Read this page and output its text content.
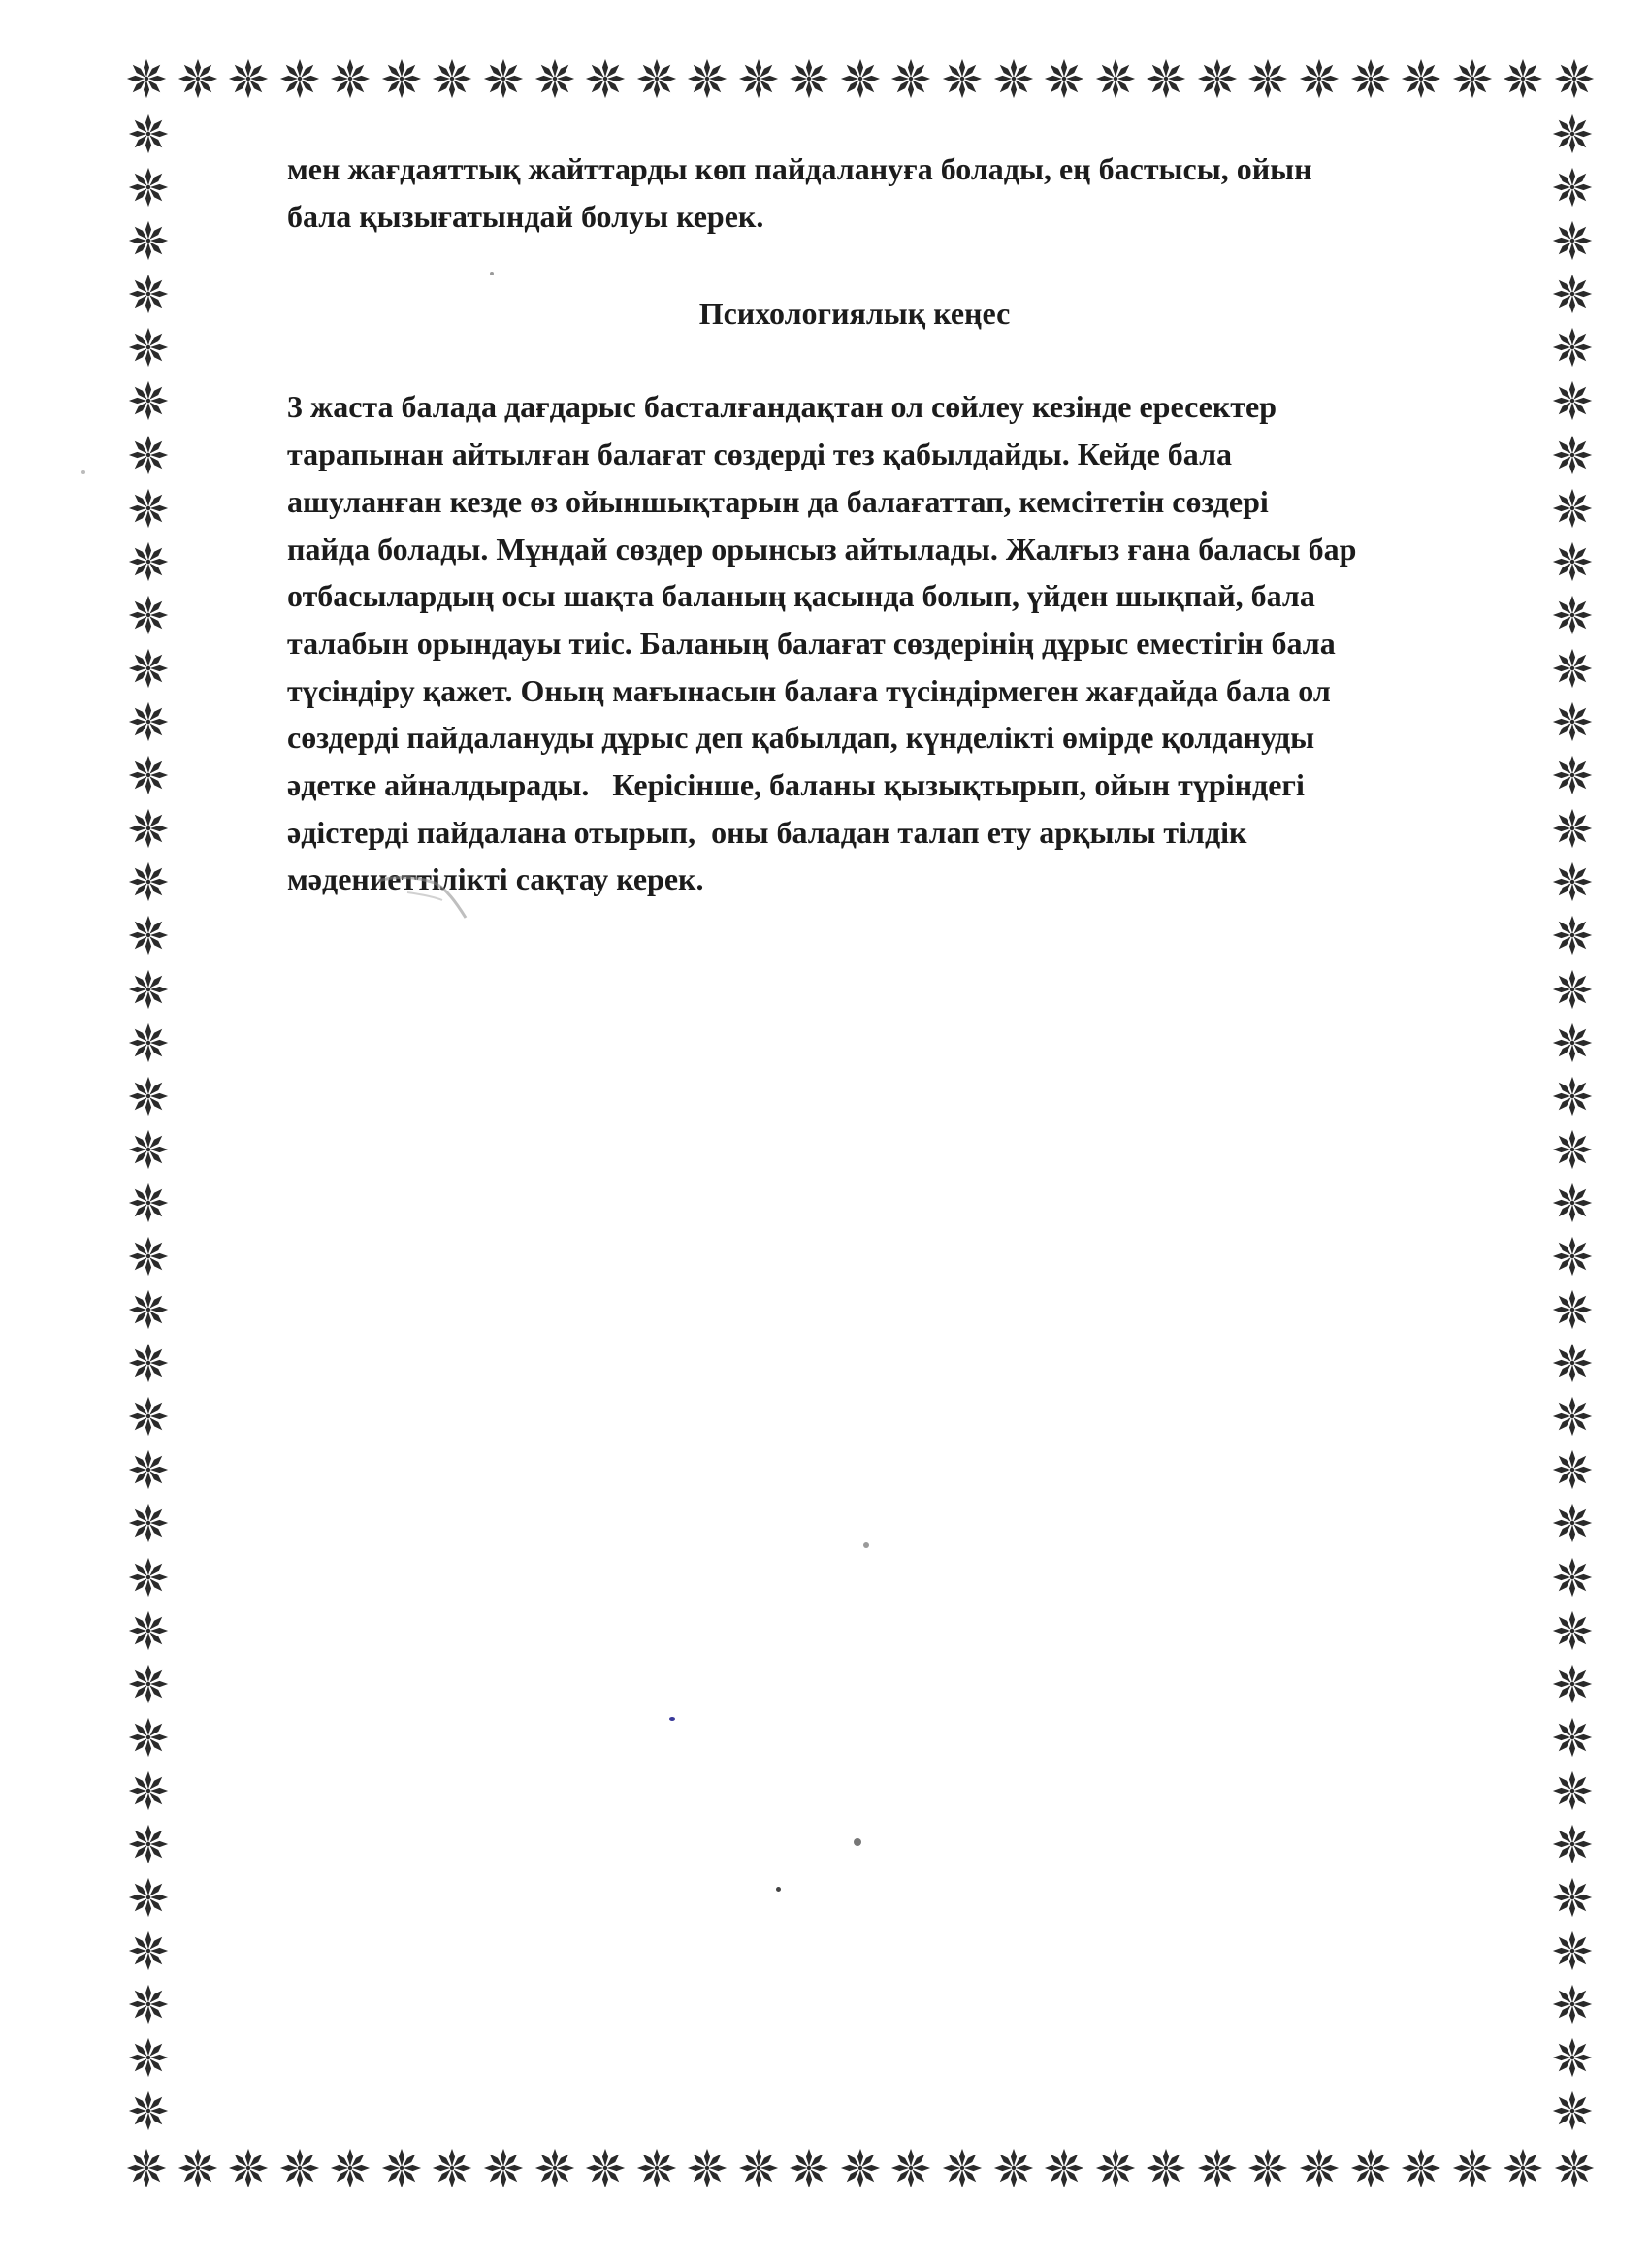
мен жағдаяттық жайттарды көп пайдалануға болады, ең бастысы, ойын
бала қызығатындай болуы керек.

Психологиялық кеңес

3 жаста балада дағдарыс басталғандақтан ол сөйлеу кезінде ересектер
тарапынан айтылған балағат сөздерді тез қабылдайды. Кейде бала
ашуланған кезде өз ойыншықтарын да балағаттап, кемсітетін сөздері
пайда болады. Мұндай сөздер орынсыз айтылады. Жалғыз ғана баласы бар
отбасылардың осы шақта баланың қасында болып, үйден шықпай, бала
талабын орындауы тиіс. Баланың балағат сөздерінің дұрыс еместігін бала
түсіндіру қажет. Оның мағынасын балаға түсіндірмеген жағдайда бала ол
сөздерді пайдалануды дұрыс деп қабылдап, күнделікті өмірде қолдануды
әдетке айналдырады.   Керісінше, баланы қызықтырып, ойын түріндегі
әдістерді пайдалана отырып,  оны баладан талап ету арқылы тілдік
мәдениеттілікті сақтау керек.
